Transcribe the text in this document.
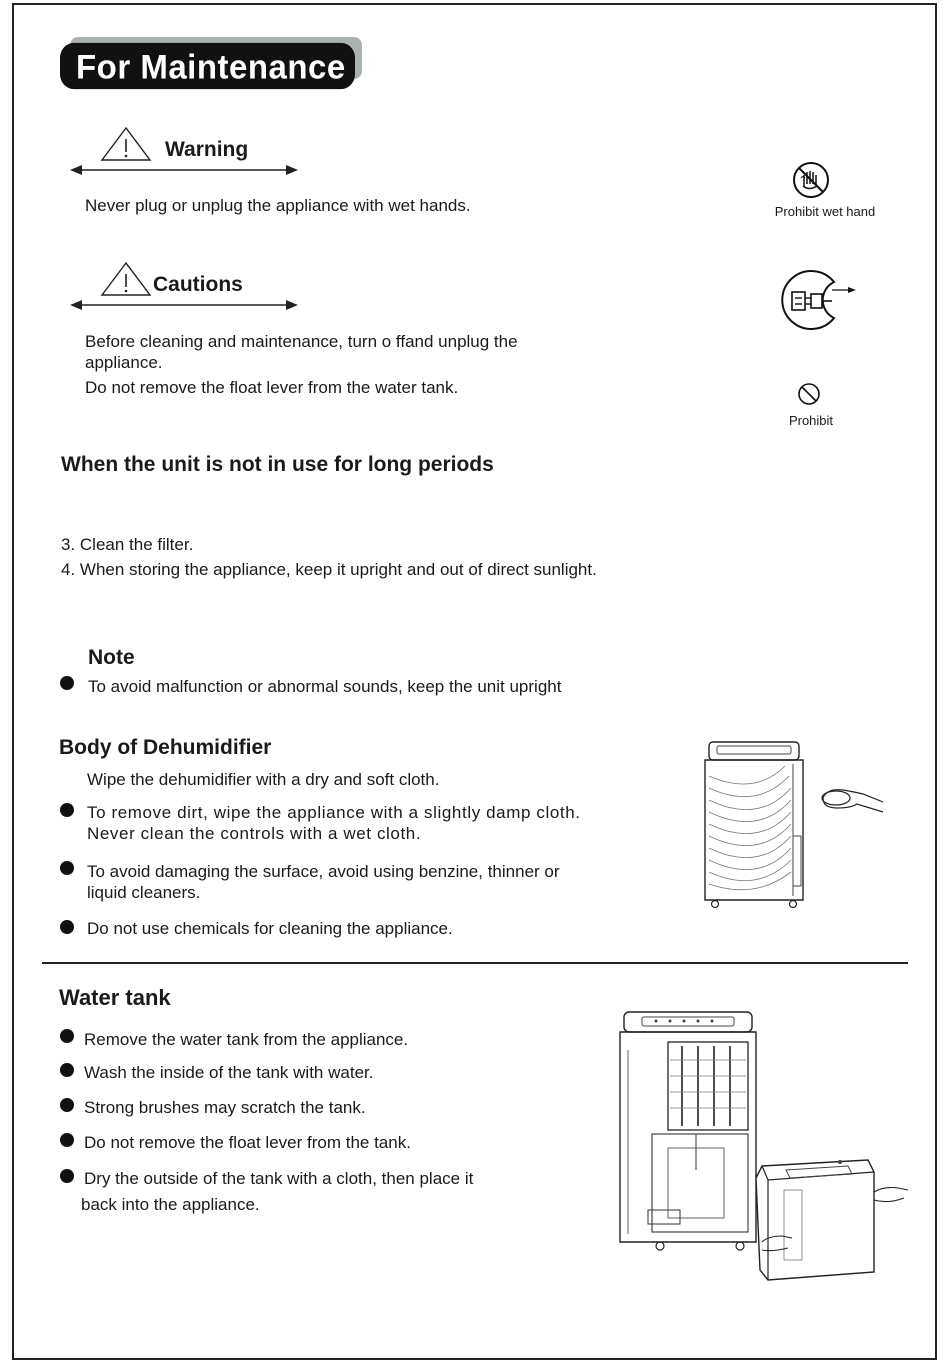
For Maintenance
Warning
Never plug or unplug the appliance with wet hands.	Prohibit wet hand
Cautions
Before cleaning and maintenance, turn o ffand unplug the
appliance.
Do not remove the float lever from the water tank.
Prohibit
When the unit is not in use for long periods
3. Clean the filter.
4. When storing the appliance, keep it upright and out of direct sunlight.
Note
To avoid malfunction or abnormal sounds, keep the unit upright
Body of Dehumidifier
Wipe the dehumidifier with a dry and soft cloth.
To remove dirt, wipe the appliance with a slightly damp cloth.
Never clean the controls with a wet cloth.
To avoid damaging the surface, avoid using benzine, thinner or
liquid cleaners.
Do not use chemicals for cleaning the appliance.
Water tank
Remove the water tank from the appliance.
Wash the inside of the tank with water.
Strong brushes may scratch the tank.
Do not remove the float lever from the tank.
Dry the outside of the tank with a cloth, then place it
back into the appliance.
